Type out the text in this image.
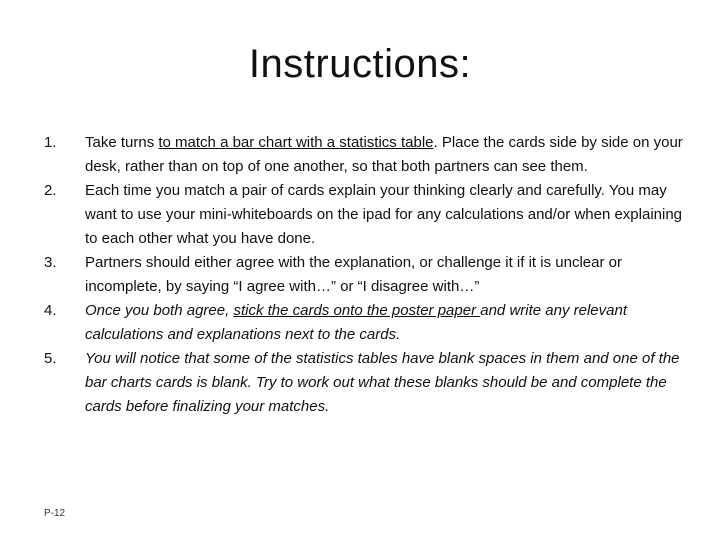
Instructions:
1. Take turns to match a bar chart with a statistics table. Place the cards side by side on your desk, rather than on top of one another, so that both partners can see them.
2. Each time you match a pair of cards explain your thinking clearly and carefully. You may want to use your mini-whiteboards on the ipad for any calculations and/or when explaining to each other what you have done.
3. Partners should either agree with the explanation, or challenge it if it is unclear or incomplete, by saying “I agree with…” or “I disagree with…”
4. Once you both agree, stick the cards onto the poster paper and write any relevant calculations and explanations next to the cards.
5. You will notice that some of the statistics tables have blank spaces in them and one of the bar charts cards is blank. Try to work out what these blanks should be and complete the cards before finalizing your matches.
P-12
